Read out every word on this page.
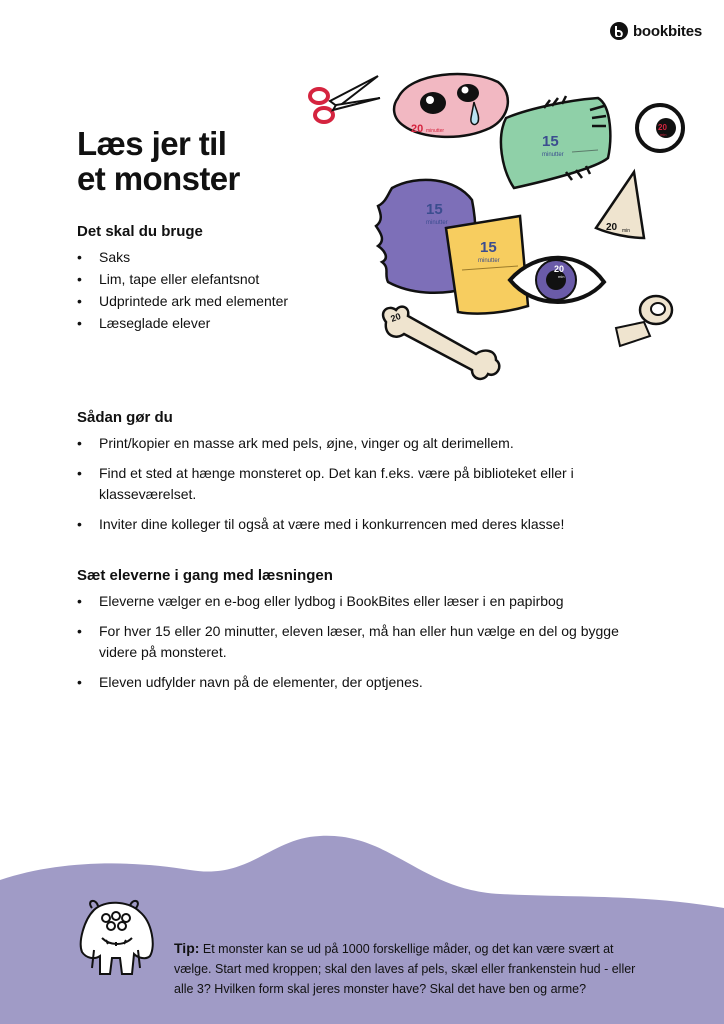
bookbites
Læs jer til
et monster
Det skal du bruge
• Saks
• Lim, tape eller elefantsnot
• Udprintede ark med elementer
• Læseglade elever
Sådan gør du
• Print/kopier en masse ark med pels, øjne, vinger og alt derimellem.
• Find et sted at hænge monsteret op. Det kan f.eks. være på biblioteket eller i klasseværelset.
• Inviter dine kolleger til også at være med i konkurrencen med deres klasse!
Sæt eleverne i gang med læsningen
• Eleverne vælger en e-bog eller lydbog i BookBites eller læser i en papirbog
• For hver 15 eller 20 minutter, eleven læser, må han eller hun vælge en del og bygge videre på monsteret.
• Eleven udfylder navn på de elementer, der optjenes.
20 minutter
15
minutter
20
min
20 min
15
minutter
15
minutter
20
min
20

Tip: Et monster kan se ud på 1000 forskellige måder, og det kan være svært at vælge. Start med kroppen; skal den laves af pels, skæl eller frankenstein hud - eller alle 3? Hvilken form skal jeres monster have? Skal det have ben og arme?
